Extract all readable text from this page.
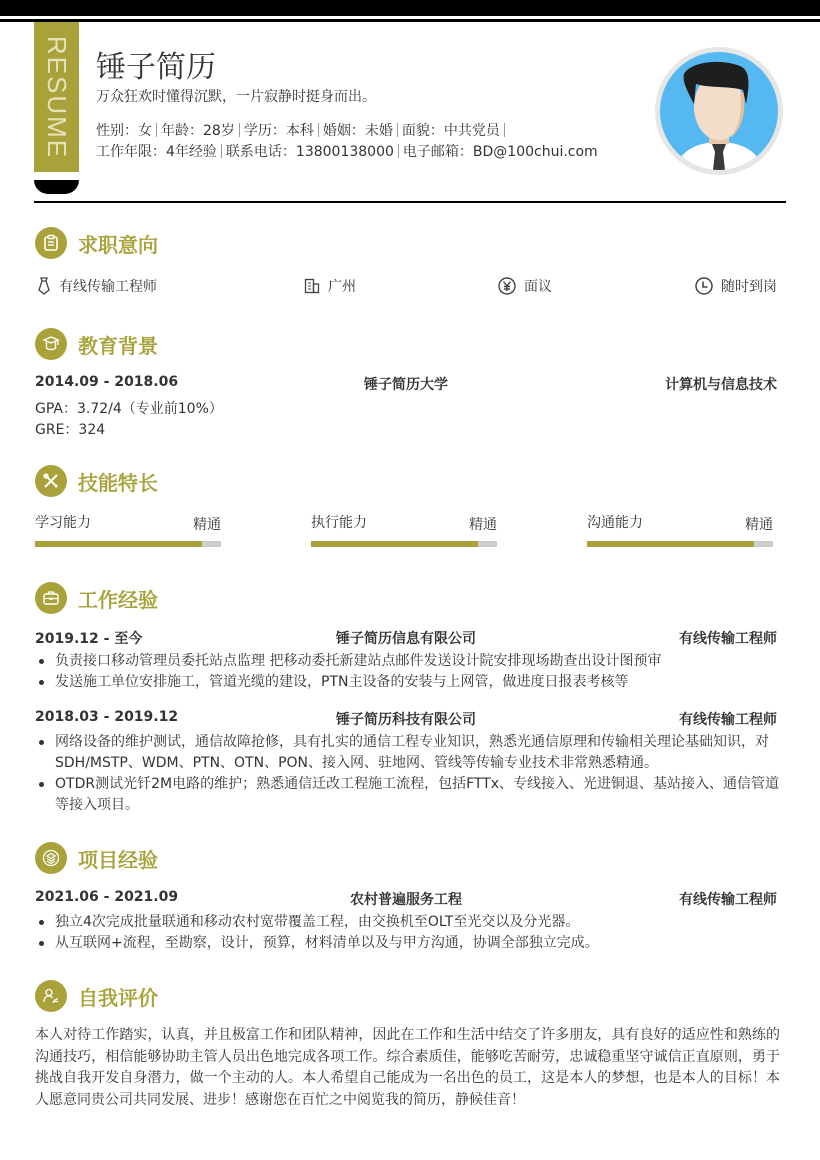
RESUME 锤子简历
万众狂欢时懂得沉默，一片寂静时挺身而出。
性别：女 年龄：28岁 学历：本科 婚姻：未婚 面貌：中共党员
工作年限：4年经验 联系电话：13800138000 电子邮箱：BD@100chui.com
求职意向
有线传输工程师	广州	面议	随时到岗
教育背景
2014.09 - 2018.06	锤子简历大学	计算机与信息技术
GPA：3.72/4（专业前10%）
GRE：324
技能特长
学习能力	精通	执行能力	精通	沟通能力	精通
工作经验
2019.12 - 至今	锤子简历信息有限公司	有线传输工程师
负责接口移动管理员委托站点监理 把移动委托新建站点邮件发送设计院安排现场勘查出设计图预审
发送施工单位安排施工，管道光缆的建设，PTN主设备的安装与上网管，做进度日报表考核等
2018.03 - 2019.12	锤子简历科技有限公司	有线传输工程师
网络设备的维护测试，通信故障抢修，具有扎实的通信工程专业知识，熟悉光通信原理和传输相关理论基础知识，对SDH/MSTP、WDM、PTN、OTN、PON、接入网、驻地网、管线等传输专业技术非常熟悉精通。
OTDR测试光钎2M电路的维护；熟悉通信迁改工程施工流程，包括FTTx、专线接入、光进铜退、基站接入、通信管道等接入项目。
项目经验
2021.06 - 2021.09	农村普遍服务工程	有线传输工程师
独立4次完成批量联通和移动农村宽带覆盖工程，由交换机至OLT至光交以及分光器。
从互联网+流程，至勘察，设计，预算，材料清单以及与甲方沟通，协调全部独立完成。
自我评价
本人对待工作踏实，认真，并且极富工作和团队精神，因此在工作和生活中结交了许多朋友，具有良好的适应性和熟练的沟通技巧，相信能够协助主管人员出色地完成各项工作。综合素质佳，能够吃苦耐劳，忠诚稳重坚守诚信正直原则，勇于挑战自我开发自身潜力，做一个主动的人。本人希望自己能成为一名出色的员工，这是本人的梦想，也是本人的目标！本人愿意同贵公司共同发展、进步！感谢您在百忙之中阅览我的简历，静候佳音！
